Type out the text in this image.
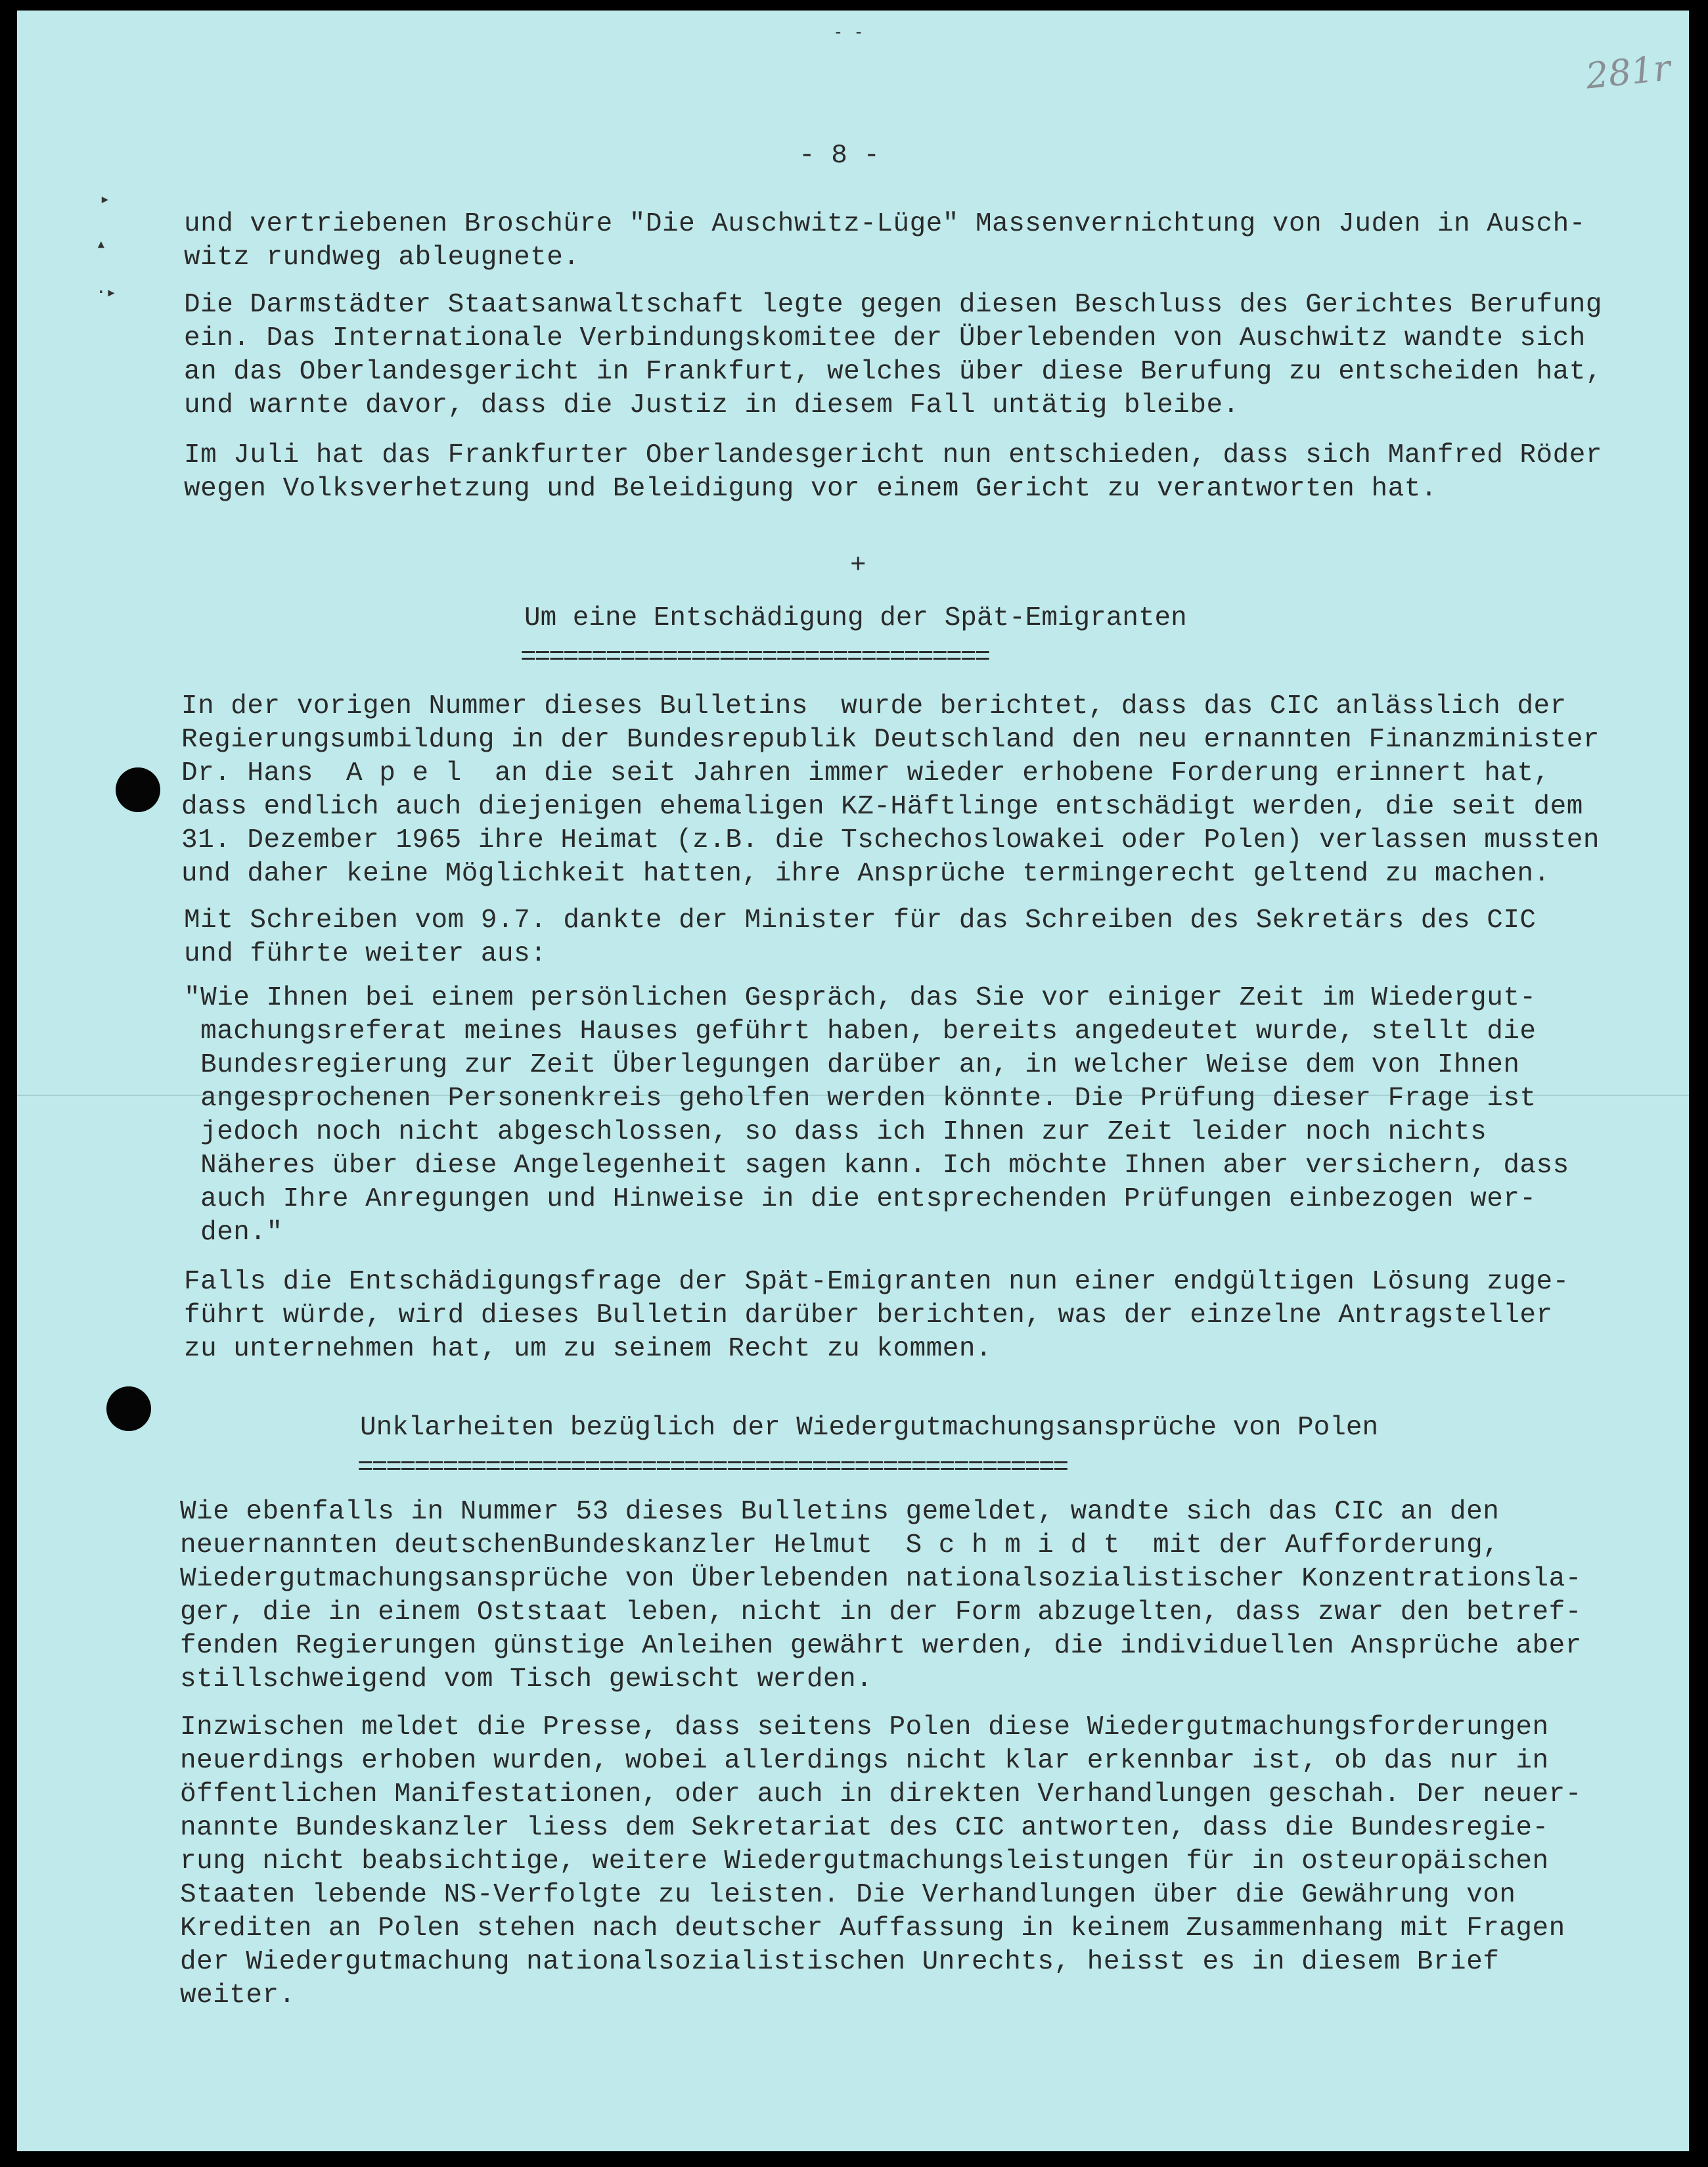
- -
281r
- 8 -
und vertriebenen Broschüre "Die Auschwitz-Lüge" Massenvernichtung von Juden in Ausch-
witz rundweg ableugnete.
Die Darmstädter Staatsanwaltschaft legte gegen diesen Beschluss des Gerichtes Berufung
ein. Das Internationale Verbindungskomitee der Überlebenden von Auschwitz wandte sich
an das Oberlandesgericht in Frankfurt, welches über diese Berufung zu entscheiden hat,
und warnte davor, dass die Justiz in diesem Fall untätig bleibe.
Im Juli hat das Frankfurter Oberlandesgericht nun entschieden, dass sich Manfred Röder
wegen Volksverhetzung und Beleidigung vor einem Gericht zu verantworten hat.
+
Um eine Entschädigung der Spät-Emigranten
=================================
In der vorigen Nummer dieses Bulletins  wurde berichtet, dass das CIC anlässlich der
Regierungsumbildung in der Bundesrepublik Deutschland den neu ernannten Finanzminister
Dr. Hans  A p e l  an die seit Jahren immer wieder erhobene Forderung erinnert hat,
dass endlich auch diejenigen ehemaligen KZ-Häftlinge entschädigt werden, die seit dem
31. Dezember 1965 ihre Heimat (z.B. die Tschechoslowakei oder Polen) verlassen mussten
und daher keine Möglichkeit hatten, ihre Ansprüche termingerecht geltend zu machen.
Mit Schreiben vom 9.7. dankte der Minister für das Schreiben des Sekretärs des CIC
und führte weiter aus:
"Wie Ihnen bei einem persönlichen Gespräch, das Sie vor einiger Zeit im Wiedergut-
machungsreferat meines Hauses geführt haben, bereits angedeutet wurde, stellt die
Bundesregierung zur Zeit Überlegungen darüber an, in welcher Weise dem von Ihnen
angesprochenen Personenkreis geholfen werden könnte. Die Prüfung dieser Frage ist
jedoch noch nicht abgeschlossen, so dass ich Ihnen zur Zeit leider noch nichts
Näheres über diese Angelegenheit sagen kann. Ich möchte Ihnen aber versichern, dass
auch Ihre Anregungen und Hinweise in die entsprechenden Prüfungen einbezogen wer-
den."
Falls die Entschädigungsfrage der Spät-Emigranten nun einer endgültigen Lösung zuge-
führt würde, wird dieses Bulletin darüber berichten, was der einzelne Antragsteller
zu unternehmen hat, um zu seinem Recht zu kommen.
Unklarheiten bezüglich der Wiedergutmachungsansprüche von Polen
==================================================
Wie ebenfalls in Nummer 53 dieses Bulletins gemeldet, wandte sich das CIC an den
neuernannten deutschenBundeskanzler Helmut  S c h m i d t  mit der Aufforderung,
Wiedergutmachungsansprüche von Überlebenden nationalsozialistischer Konzentrationsla-
ger, die in einem Oststaat leben, nicht in der Form abzugelten, dass zwar den betref-
fenden Regierungen günstige Anleihen gewährt werden, die individuellen Ansprüche aber
stillschweigend vom Tisch gewischt werden.
Inzwischen meldet die Presse, dass seitens Polen diese Wiedergutmachungsforderungen
neuerdings erhoben wurden, wobei allerdings nicht klar erkennbar ist, ob das nur in
öffentlichen Manifestationen, oder auch in direkten Verhandlungen geschah. Der neuer-
nannte Bundeskanzler liess dem Sekretariat des CIC antworten, dass die Bundesregie-
rung nicht beabsichtige, weitere Wiedergutmachungsleistungen für in osteuropäischen
Staaten lebende NS-Verfolgte zu leisten. Die Verhandlungen über die Gewährung von
Krediten an Polen stehen nach deutscher Auffassung in keinem Zusammenhang mit Fragen
der Wiedergutmachung nationalsozialistischen Unrechts, heisst es in diesem Brief
weiter.
▸
▴
·▸
